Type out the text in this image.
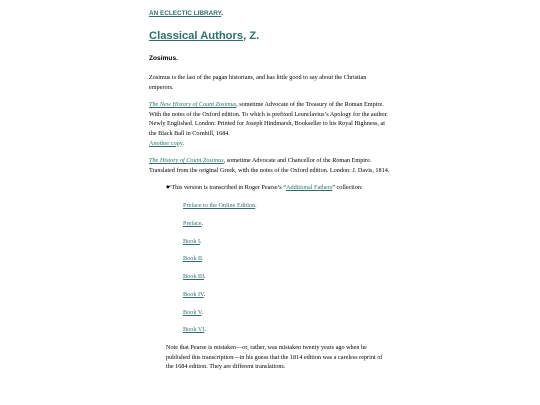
AN ECLECTIC LIBRARY.
Classical Authors, Z.
Zosimus.

Zosimus is the last of the pagan historians, and has little good to say about the Christian emperors.

The New History of Count Zosimus, sometime Advocate of the Treasury of the Roman Empire. With the notes of the Oxford edition. To which is prefixed Leunclavius’s Apology for the author. Newly Englished. London: Printed for Joseph Hindmarsh, Bookseller to his Royal Highness, at the Black Ball in Cornhill, 1684.
Another copy.

The History of Count Zosimus, sometime Advocate and Chancellor of the Roman Empire. Translated from the original Greek, with the notes of the Oxford edition. London: J. Davis, 1814.

☛This version is transcribed in Roger Pearse’s “Additional Fathers” collection:

Preface to the Online Edition.
Preface.
Book I.
Book II.
Book III.
Book IV.
Book V.
Book VI.

Note that Pearse is mistaken—or, rather, was mistaken twenty years ago when he published this transcription—in his guess that the 1814 edition was a careless reprint of the 1684 edition. They are different translations.
